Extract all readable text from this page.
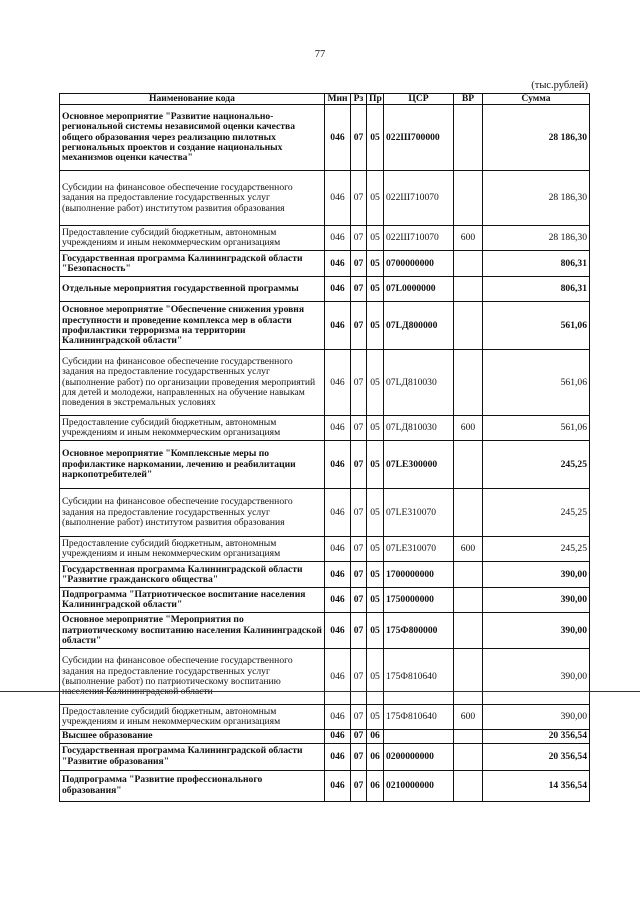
77
(тыс.рублей)
Наименование кода	Мин	Рз	Пр	ЦСР	ВР	Сумма
Основное мероприятие "Развитие национально-региональной системы независимой оценки качества общего образования через реализацию пилотных региональных проектов и создание национальных механизмов оценки качества"	046	07	05	022Ш700000		28 186,30
Субсидии на финансовое обеспечение государственного задания на предоставление государственных услуг (выполнение работ) институтом развития образования	046	07	05	022Ш710070		28 186,30
Предоставление субсидий бюджетным, автономным учреждениям и иным некоммерческим организациям	046	07	05	022Ш710070	600	28 186,30
Государственная программа Калининградской области "Безопасность"	046	07	05	0700000000		806,31
Отдельные мероприятия государственной программы	046	07	05	07L0000000		806,31
Основное мероприятие "Обеспечение снижения уровня преступности и проведение комплекса мер в области профилактики терроризма на территории Калининградской области"	046	07	05	07LД800000		561,06
Субсидии на финансовое обеспечение государственного задания на предоставление государственных услуг (выполнение работ) по организации проведения мероприятий для детей и молодежи, направленных на обучение навыкам поведения в экстремальных условиях	046	07	05	07LД810030		561,06
Предоставление субсидий бюджетным, автономным учреждениям и иным некоммерческим организациям	046	07	05	07LД810030	600	561,06
Основное мероприятие "Комплексные меры по профилактике наркомании, лечению и реабилитации наркопотребителей"	046	07	05	07LЕ300000		245,25
Субсидии на финансовое обеспечение государственного задания на предоставление государственных услуг (выполнение работ) институтом развития образования	046	07	05	07LЕ310070		245,25
Предоставление субсидий бюджетным, автономным учреждениям и иным некоммерческим организациям	046	07	05	07LЕ310070	600	245,25
Государственная программа Калининградской области "Развитие гражданского общества"	046	07	05	1700000000		390,00
Подпрограмма "Патриотическое воспитание населения Калининградской области"	046	07	05	1750000000		390,00
Основное мероприятие "Мероприятия по патриотическому воспитанию населения Калининградской области"	046	07	05	175Ф800000		390,00
Субсидии на финансовое обеспечение государственного задания на предоставление государственных услуг (выполнение работ) по патриотическому воспитанию населения Калининградской области	046	07	05	175Ф810640		390,00
Предоставление субсидий бюджетным, автономным учреждениям и иным некоммерческим организациям	046	07	05	175Ф810640	600	390,00
Высшее образование	046	07	06			20 356,54
Государственная программа Калининградской области "Развитие образования"	046	07	06	0200000000		20 356,54
Подпрограмма "Развитие профессионального образования"	046	07	06	0210000000		14 356,54
